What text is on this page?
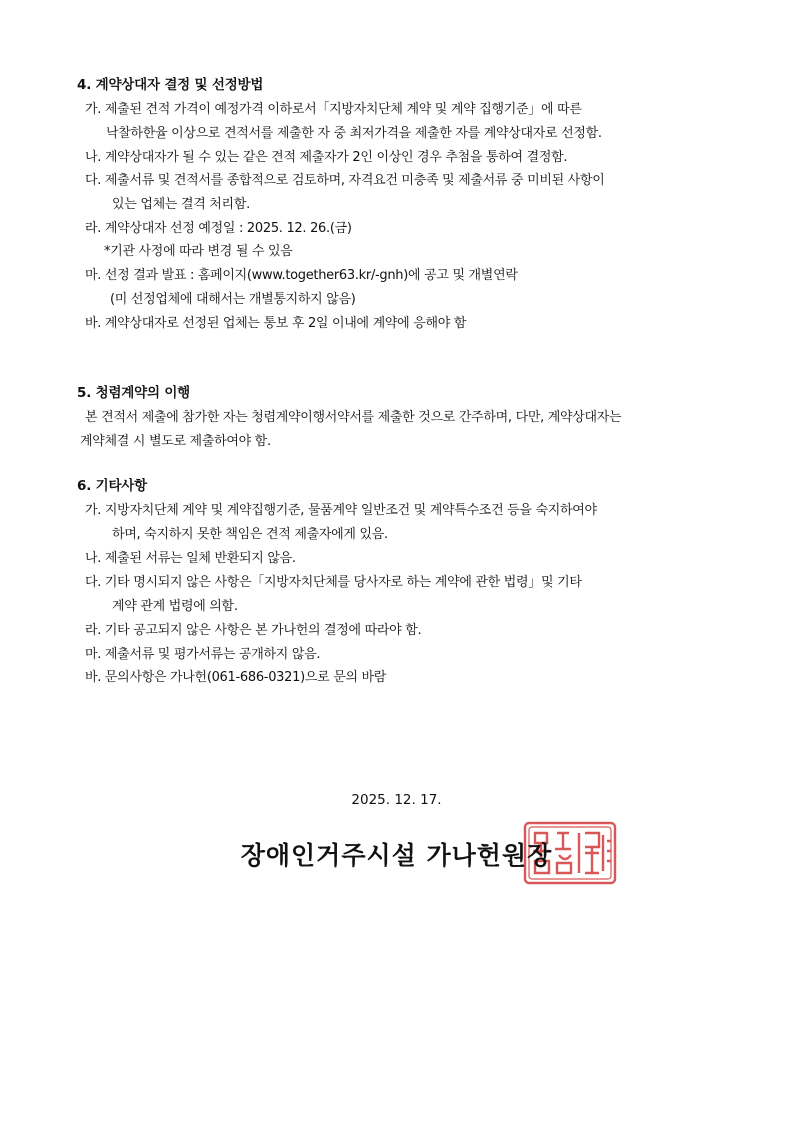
4. 계약상대자 결정 및 선정방법
가. 제출된 견적 가격이 예정가격 이하로서「지방자치단체 계약 및 계약 집행기준」에 따른
낙찰하한율 이상으로 견적서를 제출한 자 중 최저가격을 제출한 자를 계약상대자로 선정함.
나. 계약상대자가 될 수 있는 같은 견적 제출자가 2인 이상인 경우 추첨을 통하여 결정함.
다. 제출서류 및 견적서를 종합적으로 검토하며, 자격요건 미충족 및 제출서류 중 미비된 사항이
있는 업체는 결격 처리함.
라. 계약상대자 선정 예정일 : 2025. 12. 26.(금)
*기관 사정에 따라 변경 될 수 있음
마. 선정 결과 발표 : 홈페이지(www.together63.kr/-gnh)에 공고 및 개별연락
(미 선정업체에 대해서는 개별통지하지 않음)
바. 계약상대자로 선정된 업체는 통보 후 2일 이내에 계약에 응해야 함
5. 청렴계약의 이행
본 견적서 제출에 참가한 자는 청렴계약이행서약서를 제출한 것으로 간주하며, 다만, 계약상대자는
계약체결 시 별도로 제출하여야 함.
6. 기타사항
가. 지방자치단체 계약 및 계약집행기준, 물품계약 일반조건 및 계약특수조건 등을 숙지하여야
하며, 숙지하지 못한 책임은 견적 제출자에게 있음.
나. 제출된 서류는 일체 반환되지 않음.
다. 기타 명시되지 않은 사항은「지방자치단체를 당사자로 하는 계약에 관한 법령」및 기타
계약 관계 법령에 의함.
라. 기타 공고되지 않은 사항은 본 가나헌의 결정에 따라야 함.
마. 제출서류 및 평가서류는 공개하지 않음.
바. 문의사항은 가나헌(061-686-0321)으로 문의 바람
2025. 12. 17.
장애인거주시설 가나헌원장
